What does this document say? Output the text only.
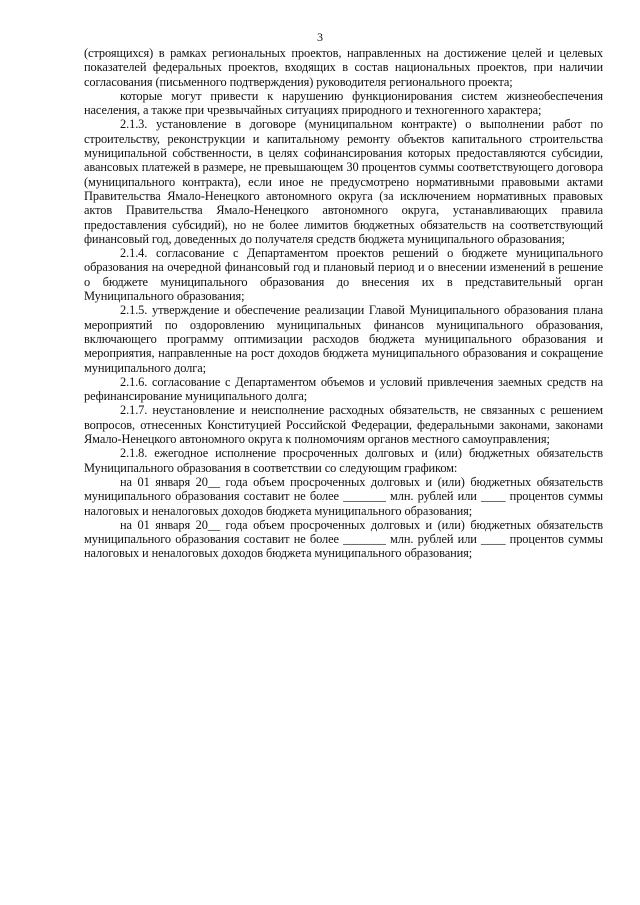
3

(строящихся) в рамках региональных проектов, направленных на достижение целей и целевых показателей федеральных проектов, входящих в состав национальных проектов, при наличии согласования (письменного подтверждения) руководителя регионального проекта;

которые могут привести к нарушению функционирования систем жизнеобеспечения населения, а также при чрезвычайных ситуациях природного и техногенного характера;

2.1.3. установление в договоре (муниципальном контракте) о выполнении работ по строительству, реконструкции и капитальному ремонту объектов капитального строительства муниципальной собственности, в целях софинансирования которых предоставляются субсидии, авансовых платежей в размере, не превышающем 30 процентов суммы соответствующего договора (муниципального контракта), если иное не предусмотрено нормативными правовыми актами Правительства Ямало-Ненецкого автономного округа (за исключением нормативных правовых актов Правительства Ямало-Ненецкого автономного округа, устанавливающих правила предоставления субсидий), но не более лимитов бюджетных обязательств на соответствующий финансовый год, доведенных до получателя средств бюджета муниципального образования;

2.1.4. согласование с Департаментом проектов решений о бюджете муниципального образования на очередной финансовый год и плановый период и о внесении изменений в решение о бюджете муниципального образования до внесения их в представительный орган Муниципального образования;

2.1.5. утверждение и обеспечение реализации Главой Муниципального образования плана мероприятий по оздоровлению муниципальных финансов муниципального образования, включающего программу оптимизации расходов бюджета муниципального образования и мероприятия, направленные на рост доходов бюджета муниципального образования и сокращение муниципального долга;

2.1.6. согласование с Департаментом объемов и условий привлечения заемных средств на рефинансирование муниципального долга;

2.1.7. неустановление и неисполнение расходных обязательств, не связанных с решением вопросов, отнесенных Конституцией Российской Федерации, федеральными законами, законами Ямало-Ненецкого автономного округа к полномочиям органов местного самоуправления;

2.1.8. ежегодное исполнение просроченных долговых и (или) бюджетных обязательств Муниципального образования в соответствии со следующим графиком:

на 01 января 20__ года объем просроченных долговых и (или) бюджетных обязательств муниципального образования составит не более _______ млн. рублей или ____ процентов суммы налоговых и неналоговых доходов бюджета муниципального образования;

на 01 января 20__ года объем просроченных долговых и (или) бюджетных обязательств муниципального образования составит не более _______ млн. рублей или ____ процентов суммы налоговых и неналоговых доходов бюджета муниципального образования;
